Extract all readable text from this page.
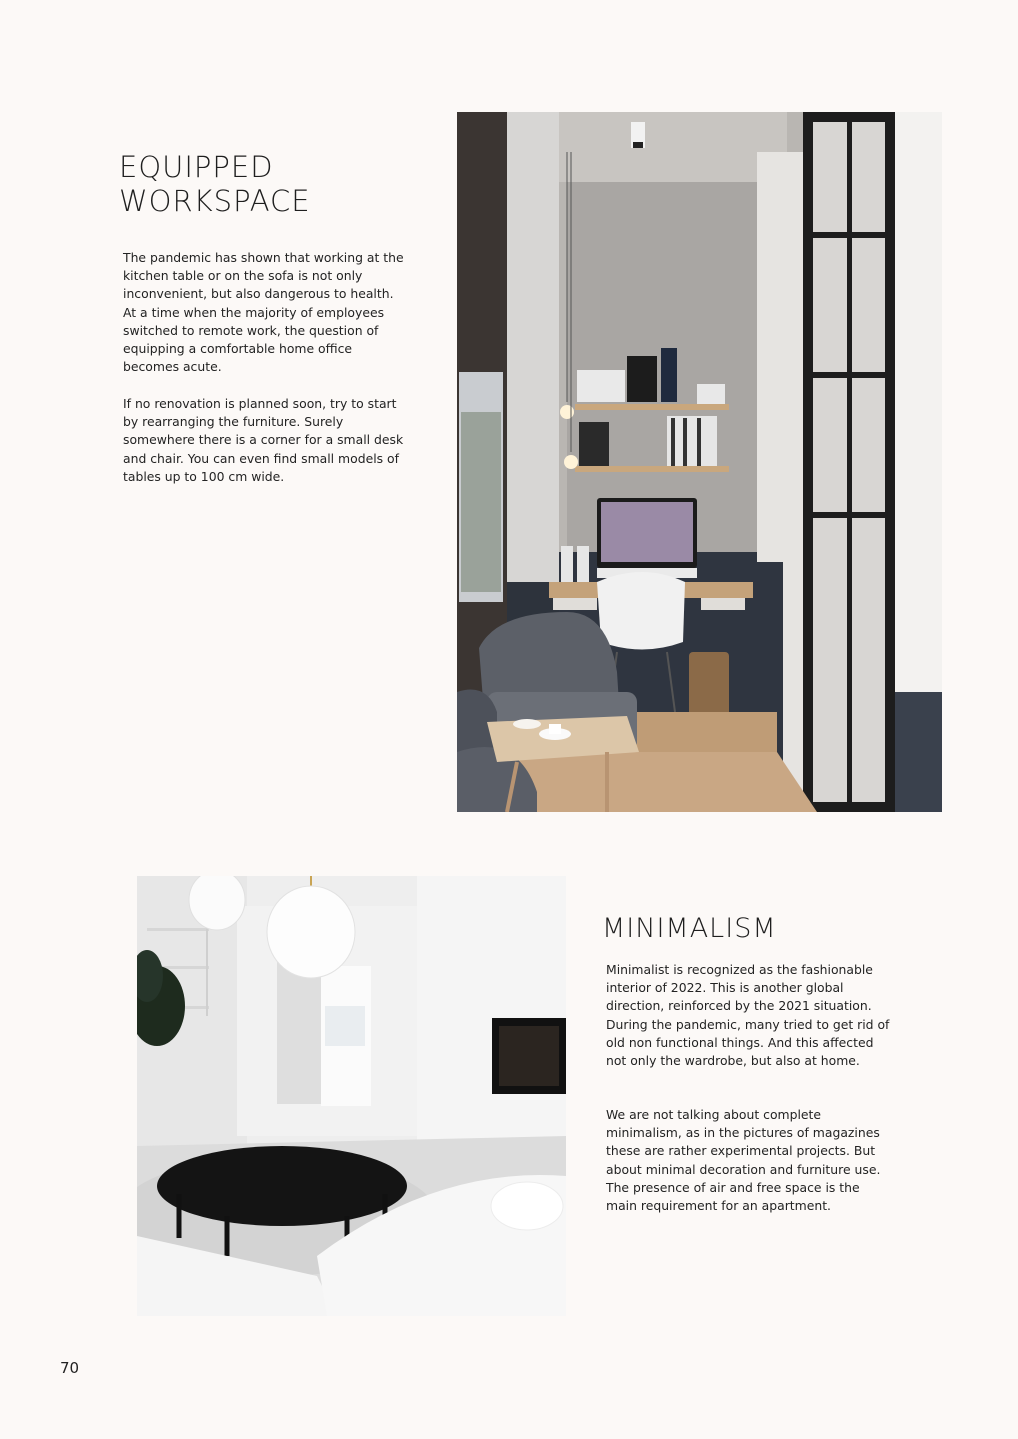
EQUIPPED
WORKSPACE

The pandemic has shown that working at the kitchen table or on the sofa is not only inconvenient, but also dangerous to health. At a time when the majority of employees switched to remote work, the question of equipping a comfortable home office becomes acute.

If no renovation is planned soon, try to start by rearranging the furniture. Surely somewhere there is a corner for a small desk and chair. You can even find small models of tables up to 100 cm wide.

MINIMALISM

Minimalist is recognized as the fashionable interior of 2022. This is another global direction, reinforced by the 2021 situation. During the pandemic, many tried to get rid of old non functional things. And this affected not only the wardrobe, but also at home.

We are not talking about complete minimalism, as in the pictures of magazines these are rather experimental projects. But about minimal decoration and furniture use. The presence of air and free space is the main requirement for an apartment.

70
